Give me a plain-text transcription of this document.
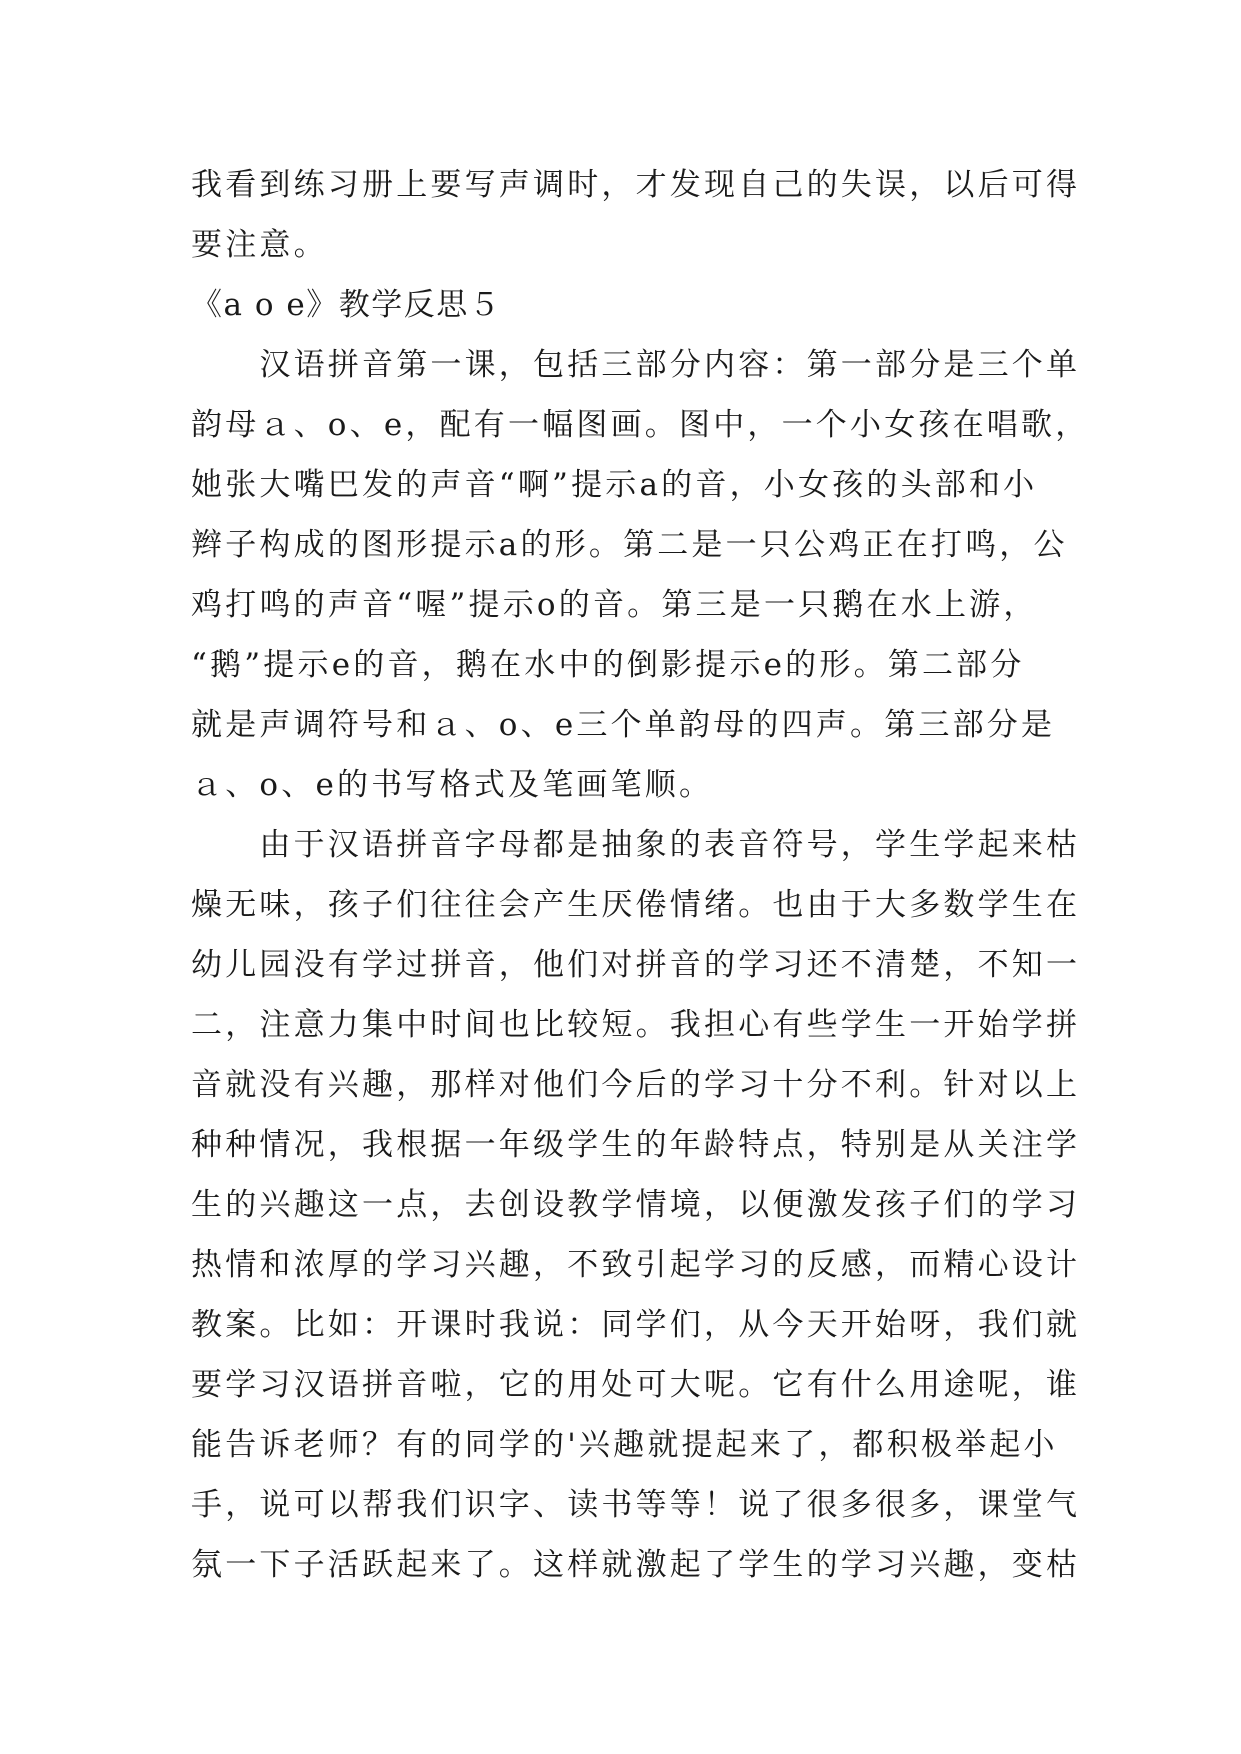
我看到练习册上要写声调时，才发现自己的失误，以后可得
要注意。
《a o e》教学反思５
　　汉语拼音第一课，包括三部分内容：第一部分是三个单
韵母ａ、o、e，配有一幅图画。图中，一个小女孩在唱歌，
她张大嘴巴发的声音“啊”提示a的音，小女孩的头部和小
辫子构成的图形提示a的形。第二是一只公鸡正在打鸣，公
鸡打鸣的声音“喔”提示o的音。第三是一只鹅在水上游，
“鹅”提示e的音，鹅在水中的倒影提示e的形。第二部分
就是声调符号和ａ、o、e三个单韵母的四声。第三部分是
ａ、o、e的书写格式及笔画笔顺。
　　由于汉语拼音字母都是抽象的表音符号，学生学起来枯
燥无味，孩子们往往会产生厌倦情绪。也由于大多数学生在
幼儿园没有学过拼音，他们对拼音的学习还不清楚，不知一
二，注意力集中时间也比较短。我担心有些学生一开始学拼
音就没有兴趣，那样对他们今后的学习十分不利。针对以上
种种情况，我根据一年级学生的年龄特点，特别是从关注学
生的兴趣这一点，去创设教学情境，以便激发孩子们的学习
热情和浓厚的学习兴趣，不致引起学习的反感，而精心设计
教案。比如：开课时我说：同学们，从今天开始呀，我们就
要学习汉语拼音啦，它的用处可大呢。它有什么用途呢，谁
能告诉老师？有的同学的'兴趣就提起来了，都积极举起小
手，说可以帮我们识字、读书等等！说了很多很多，课堂气
氛一下子活跃起来了。这样就激起了学生的学习兴趣，变枯
